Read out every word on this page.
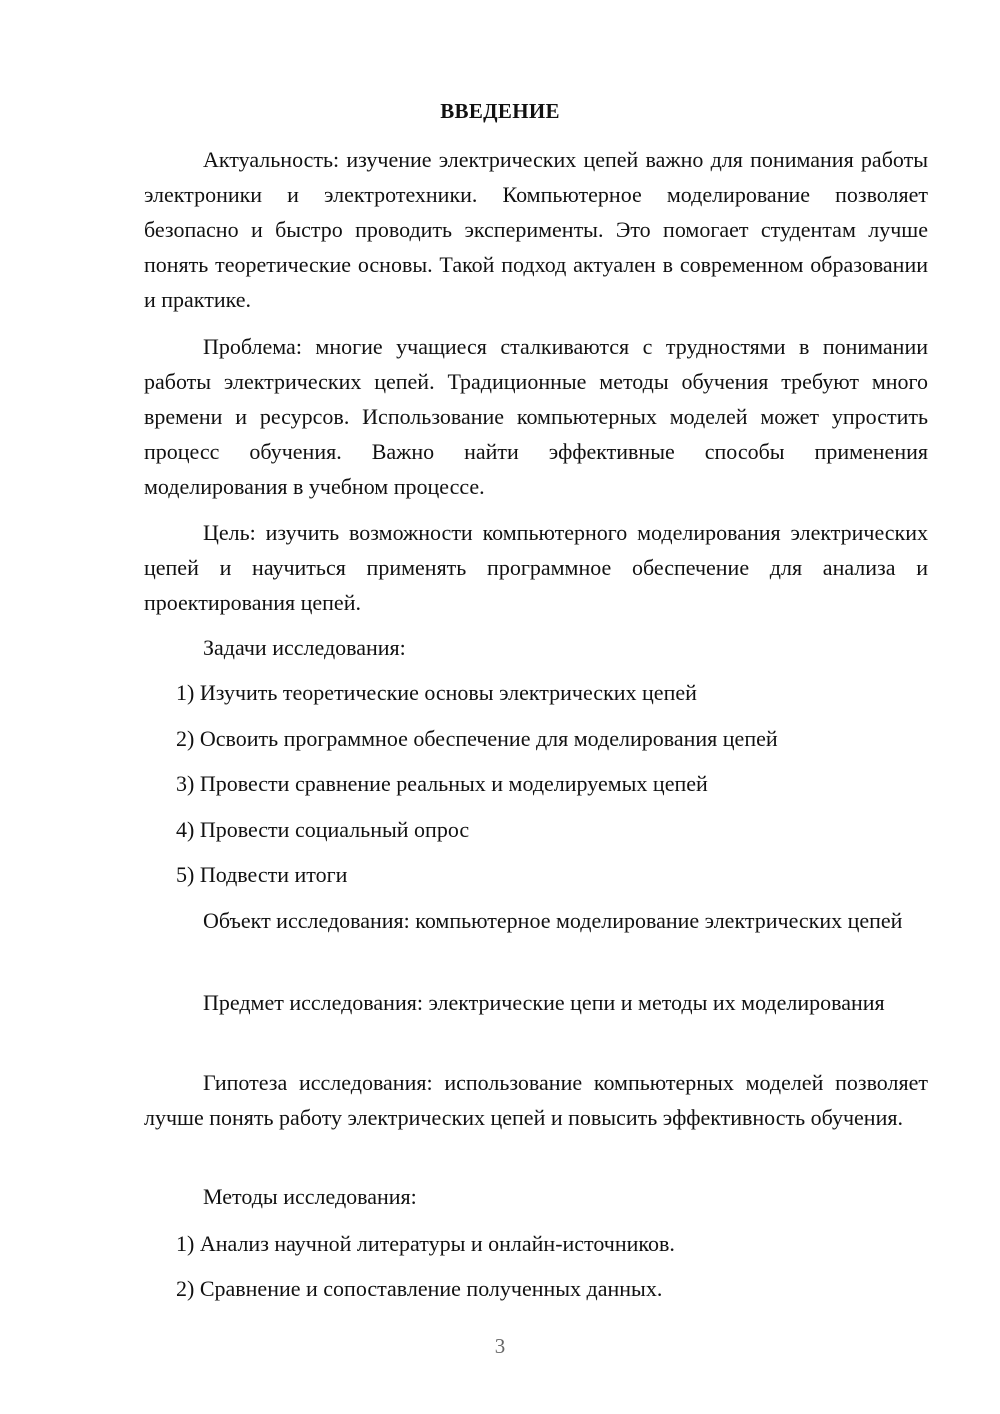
ВВЕДЕНИЕ

Актуальность: изучение электрических цепей важно для понимания работы электроники и электротехники. Компьютерное моделирование позволяет безопасно и быстро проводить эксперименты. Это помогает студентам лучше понять теоретические основы. Такой подход актуален в современном образовании и практике.

Проблема: многие учащиеся сталкиваются с трудностями в понимании работы электрических цепей. Традиционные методы обучения требуют много времени и ресурсов. Использование компьютерных моделей может упростить процесс обучения. Важно найти эффективные способы применения моделирования в учебном процессе.

Цель: изучить возможности компьютерного моделирования электрических цепей и научиться применять программное обеспечение для анализа и проектирования цепей.

Задачи исследования:

1) Изучить теоретические основы электрических цепей

2) Освоить программное обеспечение для моделирования цепей

3) Провести сравнение реальных и моделируемых цепей

4) Провести социальный опрос

5) Подвести итоги

Объект исследования: компьютерное моделирование электрических цепей

Предмет исследования: электрические цепи и методы их моделирования

Гипотеза исследования: использование компьютерных моделей позволяет лучше понять работу электрических цепей и повысить эффективность обучения.

Методы исследования:

1) Анализ научной литературы и онлайн-источников.

2) Сравнение и сопоставление полученных данных.

3
